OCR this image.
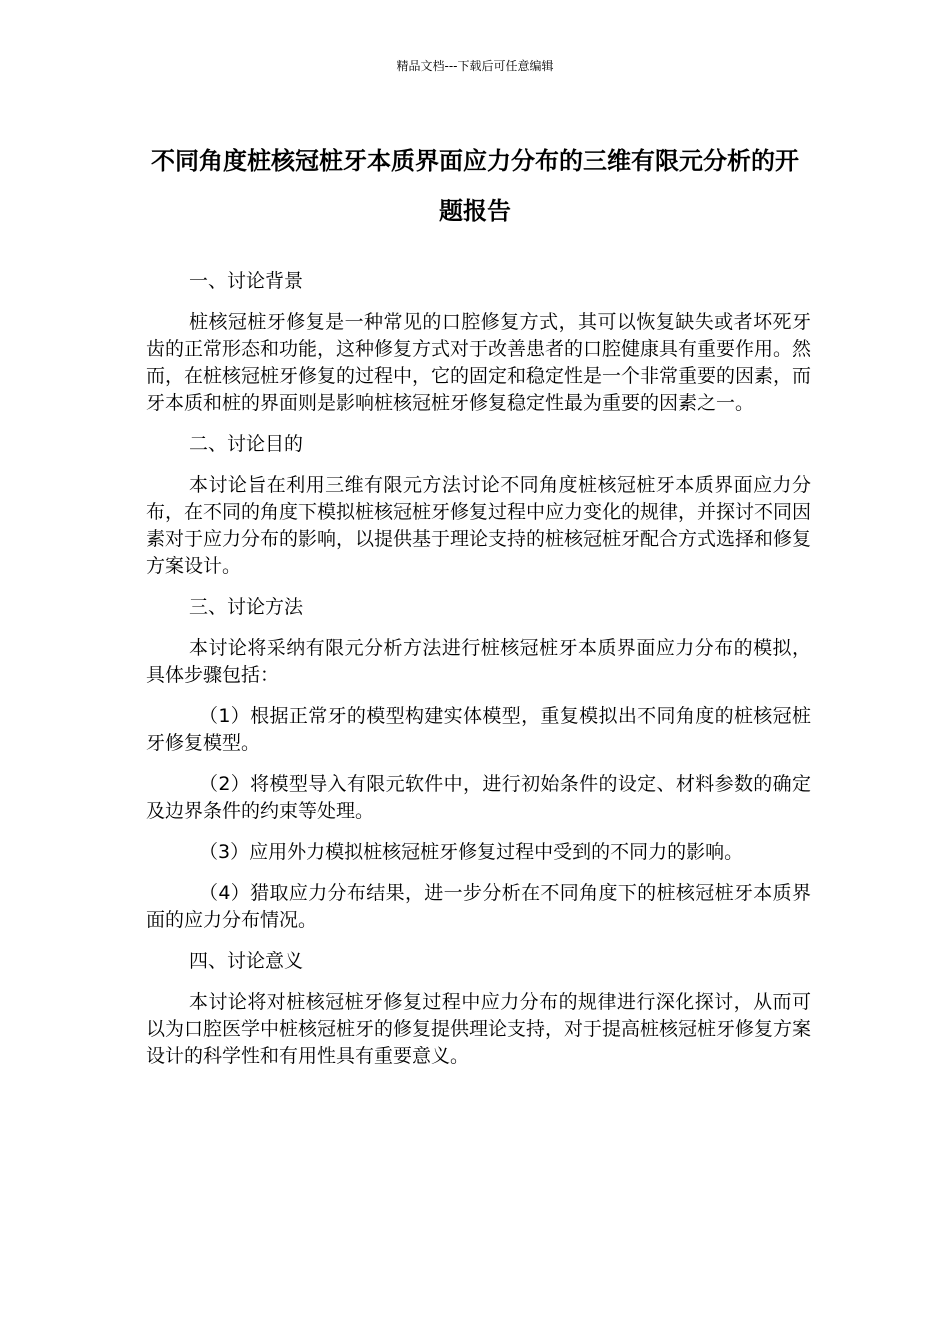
精品文档---下载后可任意编辑
不同角度桩核冠桩牙本质界面应力分布的三维有限元分析的开题报告

一、讨论背景

桩核冠桩牙修复是一种常见的口腔修复方式，其可以恢复缺失或者坏死牙齿的正常形态和功能，这种修复方式对于改善患者的口腔健康具有重要作用。然而，在桩核冠桩牙修复的过程中，它的固定和稳定性是一个非常重要的因素，而牙本质和桩的界面则是影响桩核冠桩牙修复稳定性最为重要的因素之一。

二、讨论目的

本讨论旨在利用三维有限元方法讨论不同角度桩核冠桩牙本质界面应力分布，在不同的角度下模拟桩核冠桩牙修复过程中应力变化的规律，并探讨不同因素对于应力分布的影响，以提供基于理论支持的桩核冠桩牙配合方式选择和修复方案设计。

三、讨论方法

本讨论将采纳有限元分析方法进行桩核冠桩牙本质界面应力分布的模拟，具体步骤包括：

（1）根据正常牙的模型构建实体模型，重复模拟出不同角度的桩核冠桩牙修复模型。

（2）将模型导入有限元软件中，进行初始条件的设定、材料参数的确定及边界条件的约束等处理。

（3）应用外力模拟桩核冠桩牙修复过程中受到的不同力的影响。

（4）猎取应力分布结果，进一步分析在不同角度下的桩核冠桩牙本质界面的应力分布情况。

四、讨论意义

本讨论将对桩核冠桩牙修复过程中应力分布的规律进行深化探讨，从而可以为口腔医学中桩核冠桩牙的修复提供理论支持，对于提高桩核冠桩牙修复方案设计的科学性和有用性具有重要意义。
